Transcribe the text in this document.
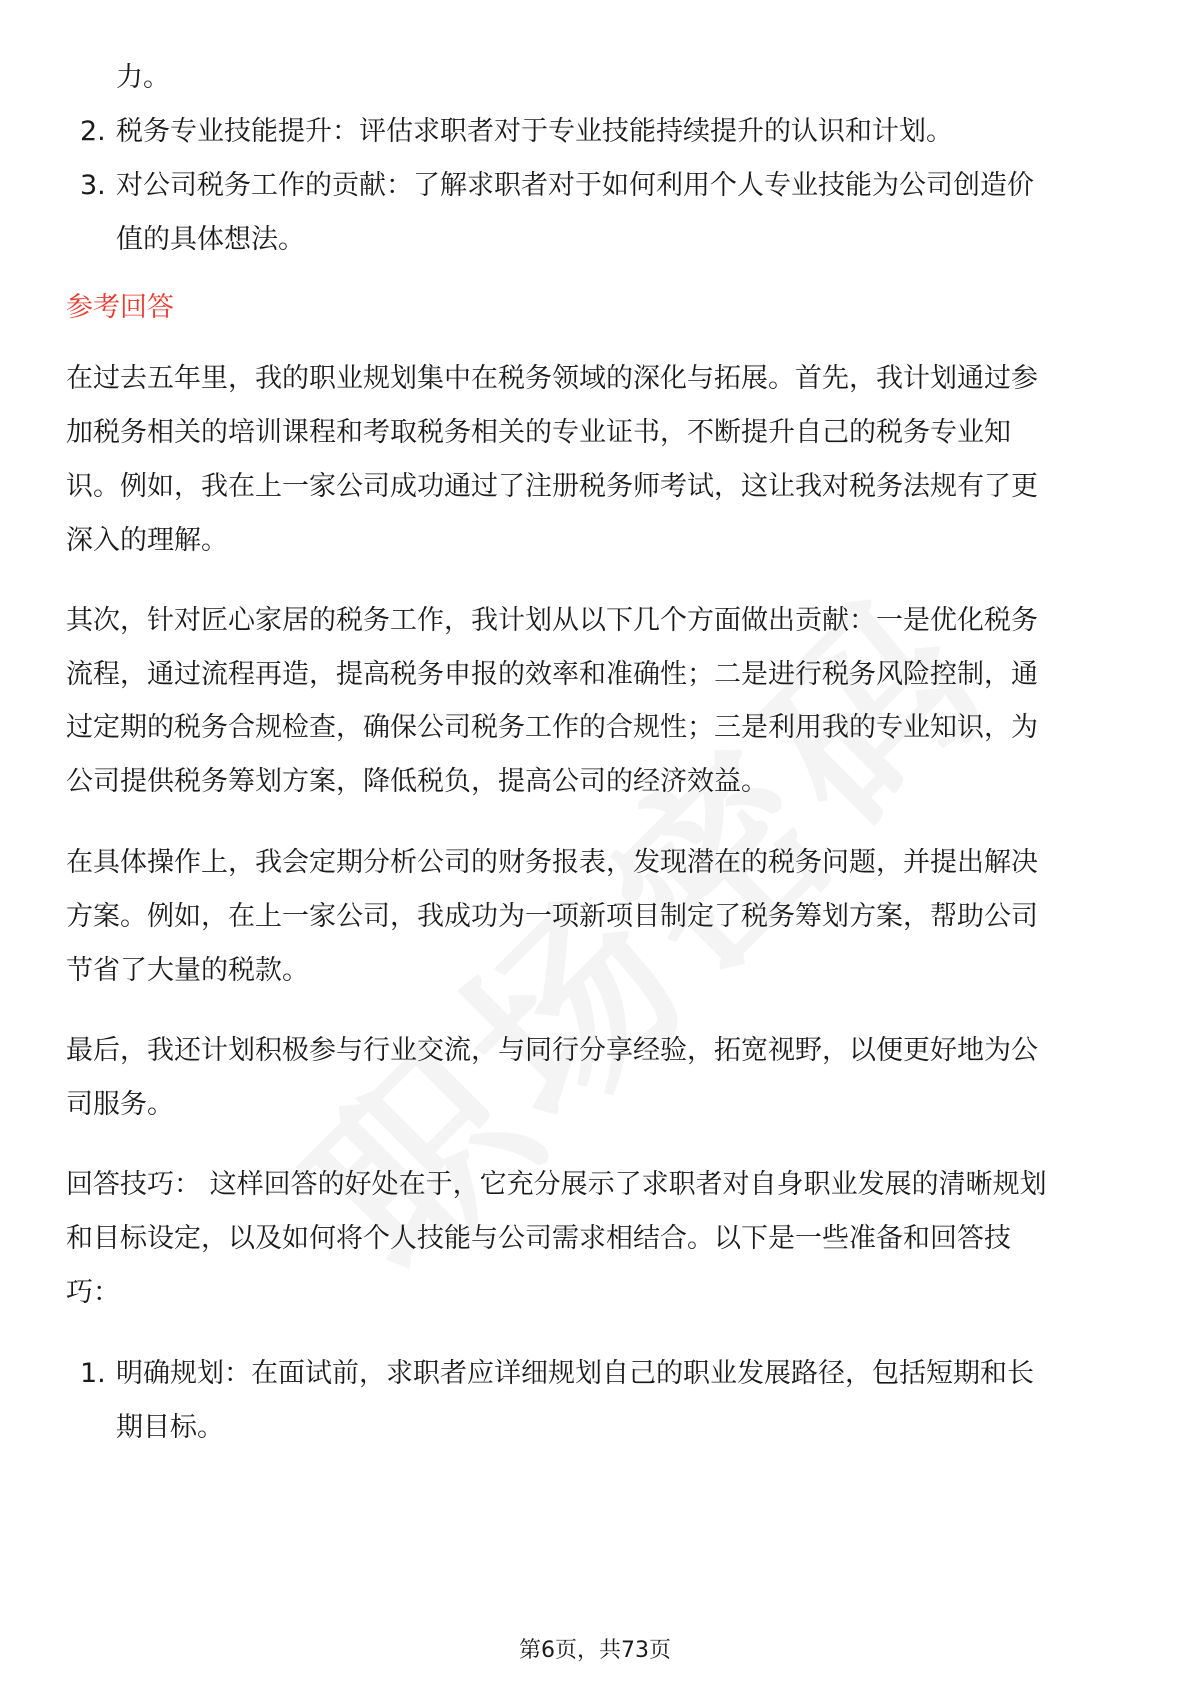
力。
2. 税务专业技能提升：评估求职者对于专业技能持续提升的认识和计划。
3. 对公司税务工作的贡献：了解求职者对于如何利用个人专业技能为公司创造价
值的具体想法。
参考回答
在过去五年里，我的职业规划集中在税务领域的深化与拓展。首先，我计划通过参
加税务相关的培训课程和考取税务相关的专业证书，不断提升自己的税务专业知
识。例如，我在上一家公司成功通过了注册税务师考试，这让我对税务法规有了更
深入的理解。
其次，针对匠心家居的税务工作，我计划从以下几个方面做出贡献：一是优化税务
流程，通过流程再造，提高税务申报的效率和准确性；二是进行税务风险控制，通
过定期的税务合规检查，确保公司税务工作的合规性；三是利用我的专业知识，为
公司提供税务筹划方案，降低税负，提高公司的经济效益。
在具体操作上，我会定期分析公司的财务报表，发现潜在的税务问题，并提出解决
方案。例如，在上一家公司，我成功为一项新项目制定了税务筹划方案，帮助公司
节省了大量的税款。
最后，我还计划积极参与行业交流，与同行分享经验，拓宽视野，以便更好地为公
司服务。
回答技巧： 这样回答的好处在于，它充分展示了求职者对自身职业发展的清晰规划
和目标设定，以及如何将个人技能与公司需求相结合。以下是一些准备和回答技
巧：
1. 明确规划：在面试前，求职者应详细规划自己的职业发展路径，包括短期和长
期目标。
第6页，共73页
